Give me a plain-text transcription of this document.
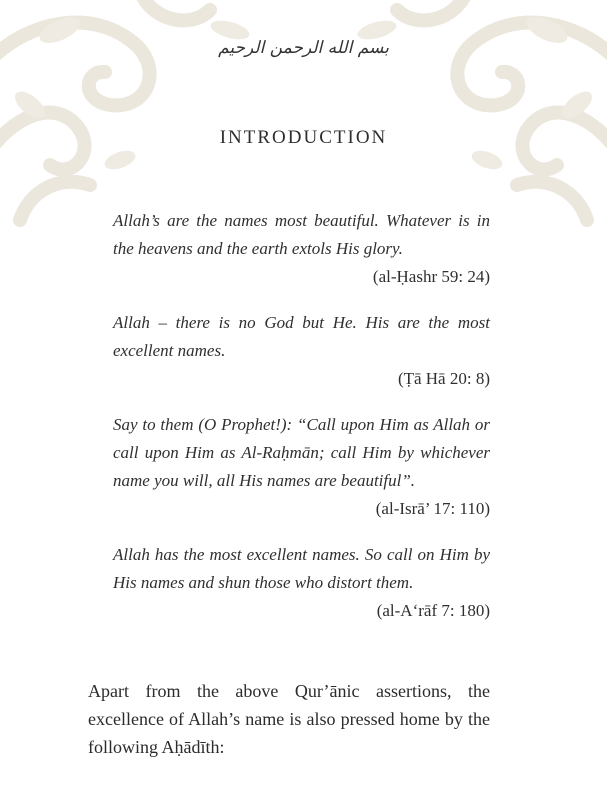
بسم الله الرحمن الرحيم
INTRODUCTION
Allah’s are the names most beautiful. Whatever is in the heavens and the earth extols His glory.
(al-Ḥashr 59: 24)
Allah – there is no God but He. His are the most excellent names.
(Ṭā Hā 20: 8)
Say to them (O Prophet!): “Call upon Him as Allah or call upon Him as Al-Raḥmān; call Him by whichever name you will, all His names are beautiful”.
(al-Isrā’ 17: 110)
Allah has the most excellent names. So call on Him by His names and shun those who distort them.
(al-A‘rāf 7: 180)
Apart from the above Qur’ānic assertions, the excellence of Allah’s name is also pressed home by the following Aḥādīth:
